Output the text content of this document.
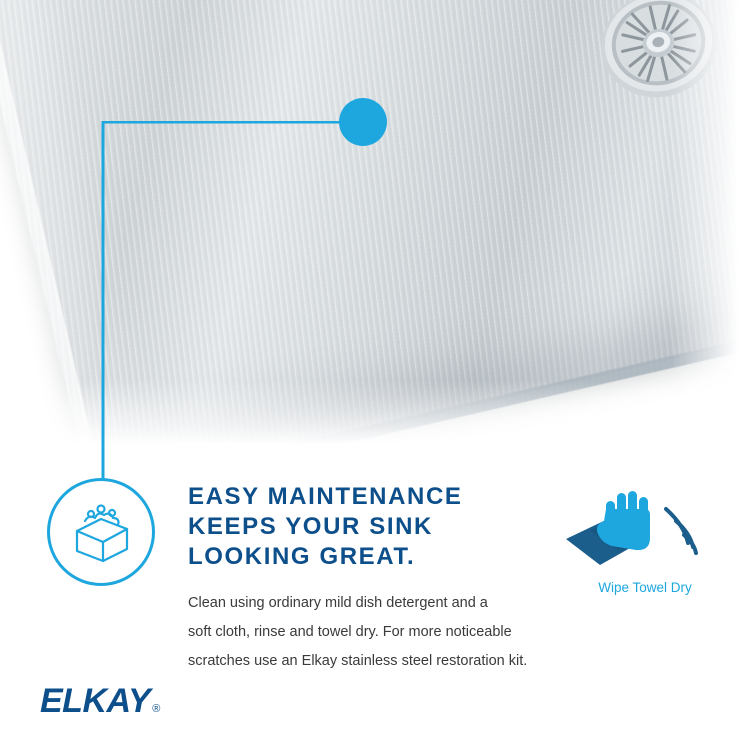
EASY MAINTENANCE
KEEPS YOUR SINK
LOOKING GREAT.
Clean using ordinary mild dish detergent and a
soft cloth, rinse and towel dry. For more noticeable
scratches use an Elkay stainless steel restoration kit.
Wipe Towel Dry
ELKAY ®
